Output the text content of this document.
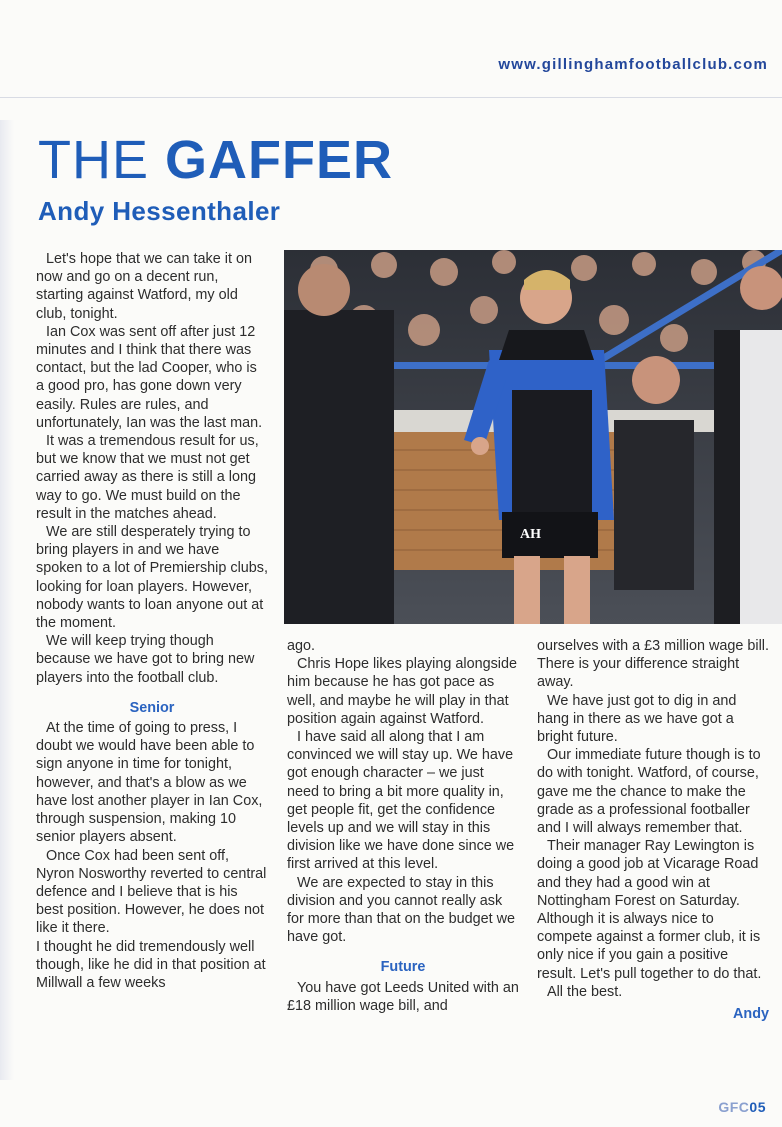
www.gillinghamfootballclub.com
THE GAFFER
Andy Hessenthaler

Let's hope that we can take it on now and go on a decent run, starting against Watford, my old club, tonight.

Ian Cox was sent off after just 12 minutes and I think that there was contact, but the lad Cooper, who is a good pro, has gone down very easily. Rules are rules, and unfortunately, Ian was the last man.

It was a tremendous result for us, but we know that we must not get carried away as there is still a long way to go. We must build on the result in the matches ahead.

We are still desperately trying to bring players in and we have spoken to a lot of Premiership clubs, looking for loan players. However, nobody wants to loan anyone out at the moment.

We will keep trying though because we have got to bring new players into the football club.

Senior

At the time of going to press, I doubt we would have been able to sign anyone in time for tonight, however, and that's a blow as we have lost another player in Ian Cox, through suspension, making 10 senior players absent.

Once Cox had been sent off, Nyron Nosworthy reverted to central defence and I believe that is his best position. However, he does not like it there.

I thought he did tremendously well though, like he did in that position at Millwall a few weeks

AH

ago.

Chris Hope likes playing alongside him because he has got pace as well, and maybe he will play in that position again against Watford.

I have said all along that I am convinced we will stay up. We have got enough character – we just need to bring a bit more quality in, get people fit, get the confidence levels up and we will stay in this division like we have done since we first arrived at this level.

We are expected to stay in this division and you cannot really ask for more than that on the budget we have got.

Future

You have got Leeds United with an £18 million wage bill, and

ourselves with a £3 million wage bill. There is your difference straight away.

We have just got to dig in and hang in there as we have got a bright future.

Our immediate future though is to do with tonight. Watford, of course, gave me the chance to make the grade as a professional footballer and I will always remember that.

Their manager Ray Lewington is doing a good job at Vicarage Road and they had a good win at Nottingham Forest on Saturday. Although it is always nice to compete against a former club, it is only nice if you gain a positive result. Let's pull together to do that.

All the best.

Andy
GFC05
